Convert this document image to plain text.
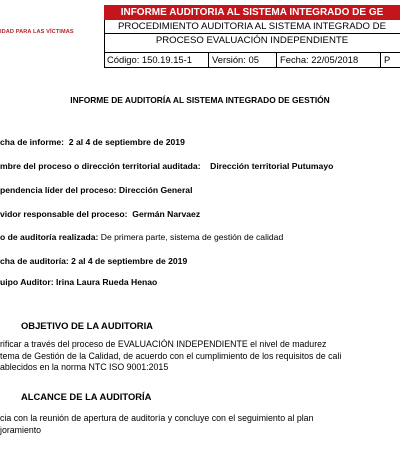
IDAD PARA LAS VÍCTIMAS
INFORME AUDITORIA AL SISTEMA INTEGRADO DE GE
PROCEDIMIENTO AUDITORIA AL SISTEMA INTEGRADO DE
PROCESO EVALUACIÓN INDEPENDIENTE
Código: 150.19.15-1	Versión: 05	Fecha: 22/05/2018	P
INFORME DE AUDITORÍA AL SISTEMA INTEGRADO DE GESTIÓN
cha de informe: 2 al 4 de septiembre de 2019
mbre del proceso o dirección territorial auditada: Dirección territorial Putumayo
pendencia líder del proceso: Dirección General
vidor responsable del proceso: Germán Narvaez
o de auditoría realizada: De primera parte, sistema de gestión de calidad
cha de auditoría: 2 al 4 de septiembre de 2019
uipo Auditor: Irina Laura Rueda Henao
OBJETIVO DE LA AUDITORIA
rificar a través del proceso de EVALUACIÓN INDEPENDIENTE el nivel de madurez
tema de Gestión de la Calidad, de acuerdo con el cumplimiento de los requisitos de cali
ablecidos en la norma NTC ISO 9001:2015
ALCANCE DE LA AUDITORÍA
cia con la reunión de apertura de auditoría y concluye con el seguimiento al plan
joramiento
